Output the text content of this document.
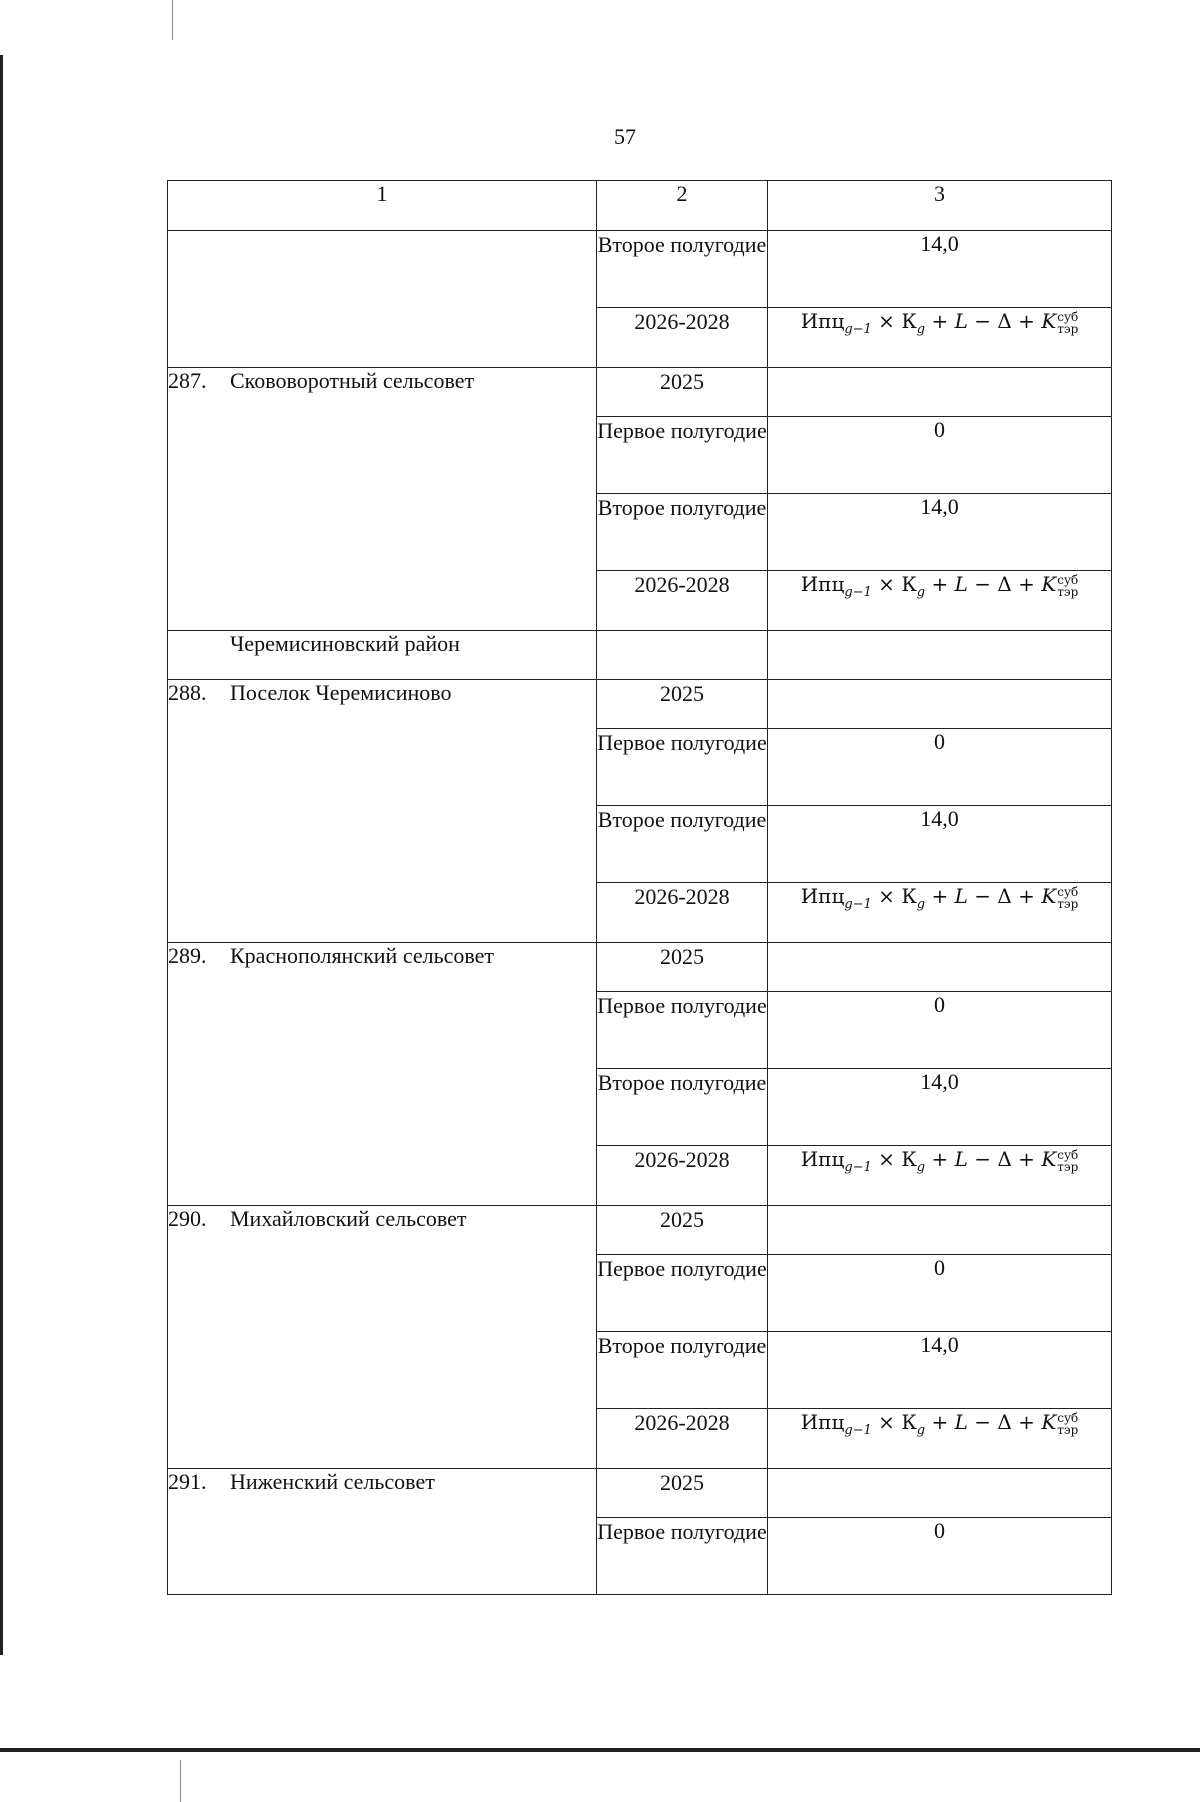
57
1	2	3
	Второе полугодие	14,0
	2026-2028	$Ипц_{g-1} \times К_g + L - \Delta + K$ суб
тэр

287. Скововоротный сельсовет	2025	
	Первое полугодие	0
	Второе полугодие	14,0
	2026-2028	$Ипц_{g-1} \times К_g + L - \Delta + K$ суб
тэр

Черемисиновский район		
288. Поселок Черемисиново	2025	
	Первое полугодие	0
	Второе полугодие	14,0
	2026-2028	$Ипц_{g-1} \times К_g + L - \Delta + K$ суб
тэр

289. Краснополянский сельсовет	2025	
	Первое полугодие	0
	Второе полугодие	14,0
	2026-2028	$Ипц_{g-1} \times К_g + L - \Delta + K$ суб
тэр

290. Михайловский сельсовет	2025	
	Первое полугодие	0
	Второе полугодие	14,0
	2026-2028	$Ипц_{g-1} \times К_g + L - \Delta + K$ суб
тэр

291. Ниженский сельсовет	2025	
	Первое полугодие	0
